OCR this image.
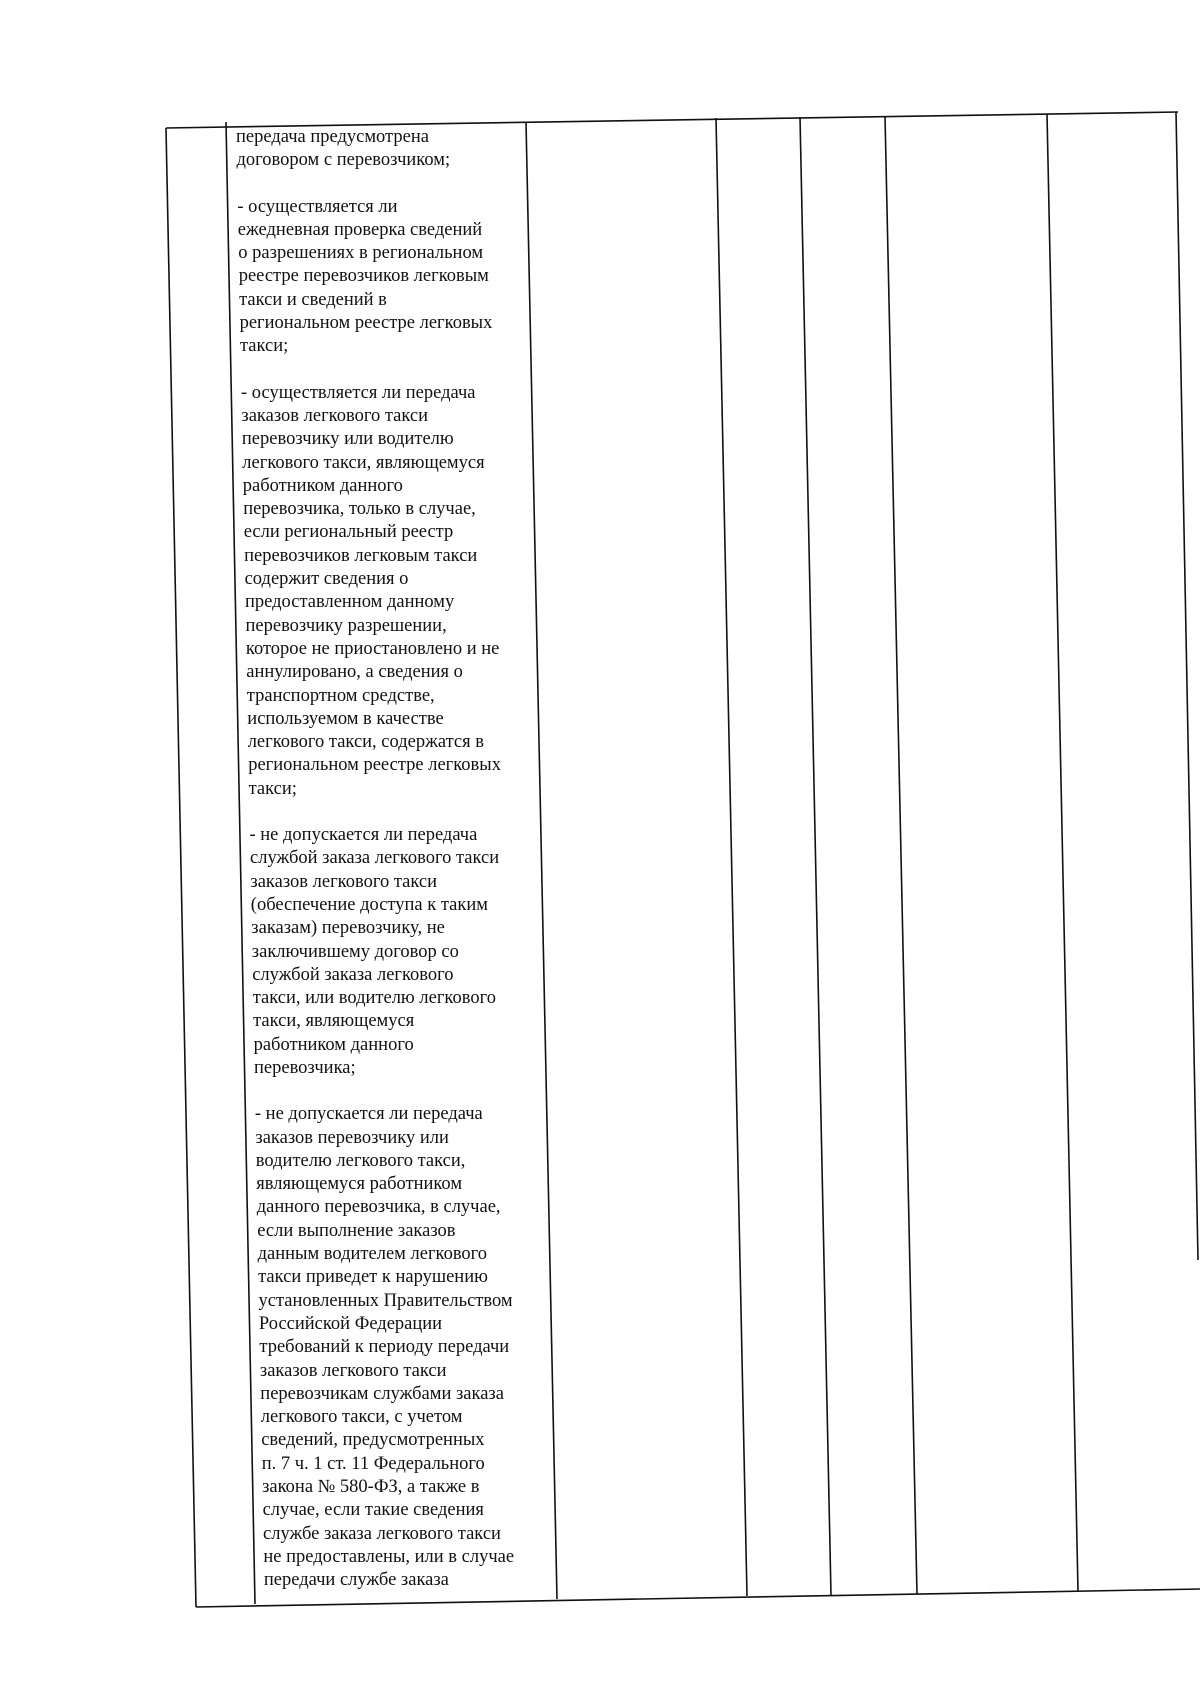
передача предусмотрена
договором с перевозчиком;

- осуществляется ли
ежедневная проверка сведений
о разрешениях в региональном
реестре перевозчиков легковым
такси и сведений в
региональном реестре легковых
такси;

- осуществляется ли передача
заказов легкового такси
перевозчику или водителю
легкового такси, являющемуся
работником данного
перевозчика, только в случае,
если региональный реестр
перевозчиков легковым такси
содержит сведения о
предоставленном данному
перевозчику разрешении,
которое не приостановлено и не
аннулировано, а сведения о
транспортном средстве,
используемом в качестве
легкового такси, содержатся в
региональном реестре легковых
такси;

- не допускается ли передача
службой заказа легкового такси
заказов легкового такси
(обеспечение доступа к таким
заказам) перевозчику, не
заключившему договор со
службой заказа легкового
такси, или водителю легкового
такси, являющемуся
работником данного
перевозчика;

- не допускается ли передача
заказов перевозчику или
водителю легкового такси,
являющемуся работником
данного перевозчика, в случае,
если выполнение заказов
данным водителем легкового
такси приведет к нарушению
установленных Правительством
Российской Федерации
требований к периоду передачи
заказов легкового такси
перевозчикам службами заказа
легкового такси, с учетом
сведений, предусмотренных
п. 7 ч. 1 ст. 11 Федерального
закона № 580-ФЗ, а также в
случае, если такие сведения
службе заказа легкового такси
не предоставлены, или в случае
передачи службе заказа
